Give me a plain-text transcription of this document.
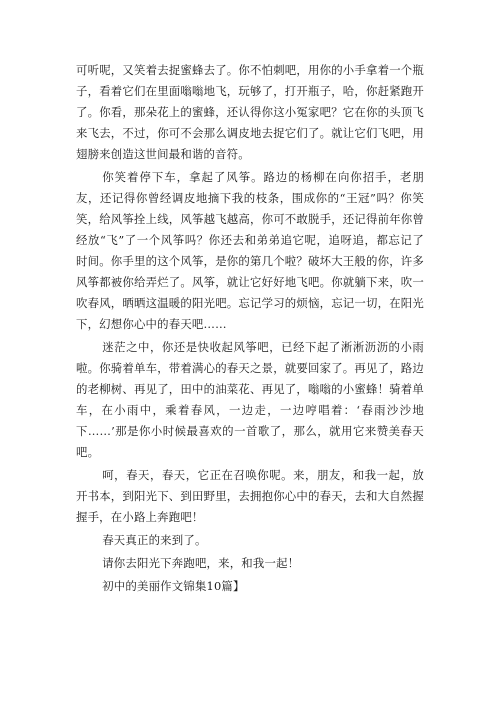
可听呢，又笑着去捉蜜蜂去了。你不怕刺吧，用你的小手拿着一个瓶子，看着它们在里面嗡嗡地飞，玩够了，打开瓶子，哈，你赶紧跑开了。你看，那朵花上的蜜蜂，还认得你这小冤家吧？它在你的头顶飞来飞去，不过，你可不会那么调皮地去捉它们了。就让它们飞吧，用翅膀来创造这世间最和谐的音符。

你笑着停下车，拿起了风筝。路边的杨柳在向你招手，老朋友，还记得你曾经调皮地摘下我的枝条，围成你的“王冠”吗？你笑笑，给风筝拴上线，风筝越飞越高，你可不敢脱手，还记得前年你曾经放“飞”了一个风筝吗？你还去和弟弟追它呢，追呀追，都忘记了时间。你手里的这个风筝，是你的第几个啦？破坏大王般的你，许多风筝都被你给弄烂了。风筝，就让它好好地飞吧。你就躺下来，吹一吹春风，晒晒这温暖的阳光吧。忘记学习的烦恼，忘记一切，在阳光下，幻想你心中的春天吧……

迷茫之中，你还是快收起风筝吧，已经下起了淅淅沥沥的小雨啦。你骑着单车，带着满心的春天之景，就要回家了。再见了，路边的老柳树、再见了，田中的油菜花、再见了，嗡嗡的小蜜蜂！骑着单车，在小雨中，乘着春风，一边走，一边哼唱着：‘春雨沙沙地下……’那是你小时候最喜欢的一首歌了，那么，就用它来赞美春天吧。

呵，春天，春天，它正在召唤你呢。来，朋友，和我一起，放开书本，到阳光下、到田野里，去拥抱你心中的春天，去和大自然握握手，在小路上奔跑吧！

春天真正的来到了。

请你去阳光下奔跑吧，来，和我一起！

初中的美丽作文锦集10篇】
